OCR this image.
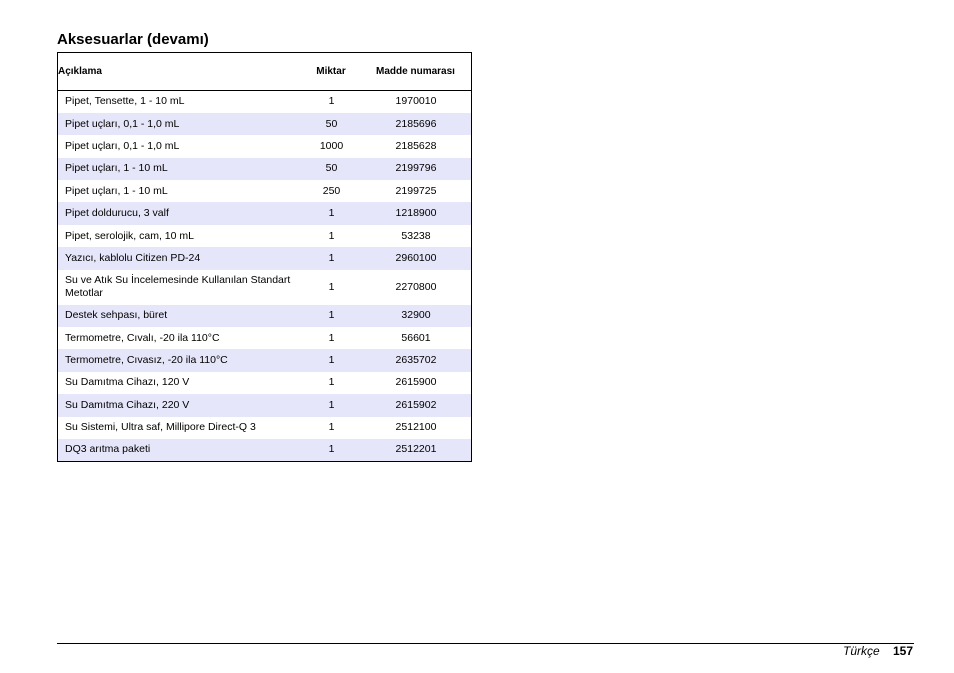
Aksesuarlar (devamı)
Açıklama	Miktar	Madde numarası
Pipet, Tensette, 1 - 10 mL	1	1970010
Pipet uçları, 0,1 - 1,0 mL	50	2185696
Pipet uçları, 0,1 - 1,0 mL	1000	2185628
Pipet uçları, 1 - 10 mL	50	2199796
Pipet uçları, 1 - 10 mL	250	2199725
Pipet doldurucu, 3 valf	1	1218900
Pipet, serolojik, cam, 10 mL	1	53238
Yazıcı, kablolu Citizen PD-24	1	2960100
Su ve Atık Su İncelemesinde Kullanılan Standart Metotlar	1	2270800
Destek sehpası, büret	1	32900
Termometre, Cıvalı, -20 ila 110°C	1	56601
Termometre, Cıvasız, -20 ila 110°C	1	2635702
Su Damıtma Cihazı, 120 V	1	2615900
Su Damıtma Cihazı, 220 V	1	2615902
Su Sistemi, Ultra saf, Millipore Direct-Q 3	1	2512100
DQ3 arıtma paketi	1	2512201
Türkçe 157
